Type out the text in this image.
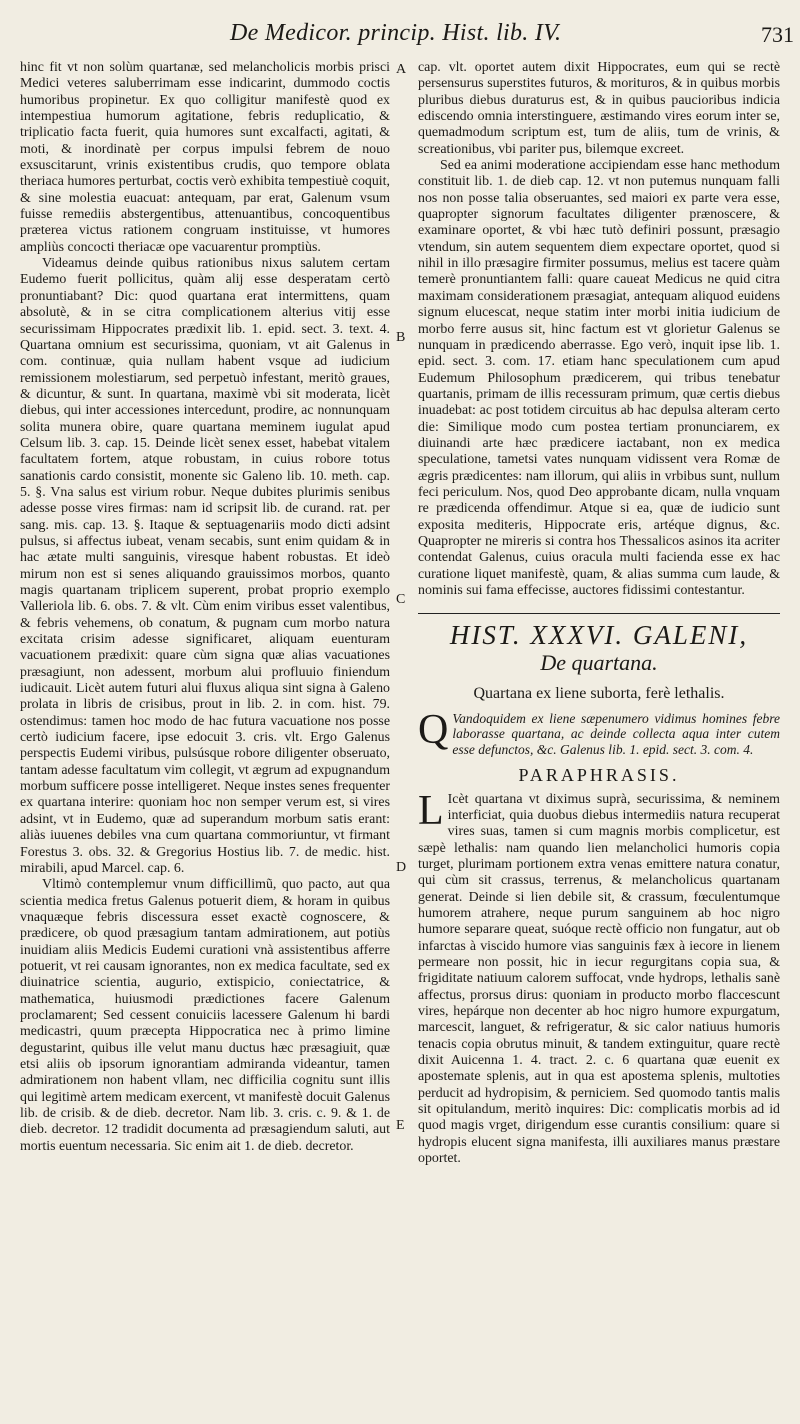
De Medicor. princip. Hist. lib. IV.	731
A
B
C
D
E

hinc fit vt non solùm quartanæ, sed melancholicis morbis prisci Medici veteres saluberrimam esse indicarint, dummodo coctis humoribus propinetur. Ex quo colligitur manifestè quod ex intempestiua humorum agitatione, febris reduplicatio, & triplicatio facta fuerit, quia humores sunt excalfacti, agitati, & moti, & inordinatè per corpus impulsi febrem de nouo exsuscitarunt, vrinis existentibus crudis, quo tempore oblata theriaca humores perturbat, coctis verò exhibita tempestiuè coquit, & sine molestia euacuat: antequam, par erat, Galenum vsum fuisse remediis abstergentibus, attenuantibus, concoquentibus præterea victus rationem congruam instituisse, vt humores ampliùs concocti theriacæ ope vacuarentur promptiùs.

Videamus deinde quibus rationibus nixus salutem certam Eudemo fuerit pollicitus, quàm alij esse desperatam certò pronuntiabant? Dic: quod quartana erat intermittens, quam absolutè, & in se citra complicationem alterius vitij esse securissimam Hippocrates prædixit lib. 1. epid. sect. 3. text. 4. Quartana omnium est securissima, quoniam, vt ait Galenus in com. continuæ, quia nullam habent vsque ad iudicium remissionem molestiarum, sed perpetuò infestant, meritò graues, & dicuntur, & sunt. In quartana, maximè vbi sit moderata, licèt diebus, qui inter accessiones intercedunt, prodire, ac nonnunquam solita munera obire, quare quartana meminem iugulat apud Celsum lib. 3. cap. 15. Deinde licèt senex esset, habebat vitalem facultatem fortem, atque robustam, in cuius robore totus sanationis cardo consistit, monente sic Galeno lib. 10. meth. cap. 5. §. Vna salus est virium robur. Neque dubites plurimis senibus adesse posse vires firmas: nam id scripsit lib. de curand. rat. per sang. mis. cap. 13. §. Itaque & septuagenariis modo dicti adsint pulsus, si affectus iubeat, venam secabis, sunt enim quidam & in hac ætate multi sanguinis, viresque habent robustas. Et ideò mirum non est si senes aliquando grauissimos morbos, quanto magis quartanam triplicem superent, probat proprio exemplo Valleriola lib. 6. obs. 7. & vlt. Cùm enim viribus esset valentibus, & febris vehemens, ob conatum, & pugnam cum morbo natura excitata crisim adesse significaret, aliquam euenturam vacuationem prædixit: quare cùm signa quæ alias vacuationes præsagiunt, non adessent, morbum alui profluuio finiendum iudicauit. Licèt autem futuri alui fluxus aliqua sint signa à Galeno prolata in libris de crisibus, prout in lib. 2. in com. hist. 79. ostendimus: tamen hoc modo de hac futura vacuatione nos posse certò iudicium facere, ipse edocuit 3. cris. vlt. Ergo Galenus perspectis Eudemi viribus, pulsúsque robore diligenter obseruato, tantam adesse facultatum vim collegit, vt ægrum ad expugnandum morbum sufficere posse intelligeret. Neque instes senes frequenter ex quartana interire: quoniam hoc non semper verum est, si vires adsint, vt in Eudemo, quæ ad superandum morbum satis erant: aliàs iuuenes debiles vna cum quartana commoriuntur, vt firmant Forestus 3. obs. 32. & Gregorius Hostius lib. 7. de medic. hist. mirabili, apud Marcel. cap. 6.

Vltimò contemplemur vnum difficillimũ, quo pacto, aut qua scientia medica fretus Galenus potuerit diem, & horam in quibus vnaquæque febris discessura esset exactè cognoscere, & prædicere, ob quod præsagium tantam admirationem, aut potiùs inuidiam aliis Medicis Eudemi curationi vnà assistentibus afferre potuerit, vt rei causam ignorantes, non ex medica facultate, sed ex diuinatrice scientia, augurio, extispicio, coniectatrice, & mathematica, huiusmodi prædictiones facere Galenum proclamarent; Sed cessent conuiciis lacessere Galenum hi bardi medicastri, quum præcepta Hippocratica nec à primo limine degustarint, quibus ille velut manu ductus hæc præsagiuit, quæ etsi aliis ob ipsorum ignorantiam admiranda videantur, tamen admirationem non habent vllam, nec difficilia cognitu sunt illis qui legitimè artem medicam exercent, vt manifestè docuit Galenus lib. de crisib. & de dieb. decretor. Nam lib. 3. cris. c. 9. & 1. de dieb. decretor. 12 tradidit documenta ad præsagiendum saluti, aut mortis euentum necessaria. Sic enim ait 1. de dieb. decretor.

cap. vlt. oportet autem dixit Hippocrates, eum qui se rectè persensurus superstites futuros, & morituros, & in quibus morbis pluribus diebus duraturus est, & in quibus paucioribus indicia ediscendo omnia interstinguere, æstimando vires eorum inter se, quemadmodum scriptum est, tum de aliis, tum de vrinis, & screationibus, vbi pariter pus, bilemque excreet.

Sed ea animi moderatione accipiendam esse hanc methodum constituit lib. 1. de dieb cap. 12. vt non putemus nunquam falli nos non posse talia obseruantes, sed maiori ex parte vera esse, quapropter signorum facultates diligenter prænoscere, & examinare oportet, & vbi hæc tutò definiri possunt, præsagio vtendum, sin autem sequentem diem expectare oportet, quod si nihil in illo præsagire firmiter possumus, melius est tacere quàm temerè pronuntiantem falli: quare caueat Medicus ne quid citra maximam considerationem præsagiat, antequam aliquod euidens signum elucescat, neque statim inter morbi initia iudicium de morbo ferre ausus sit, hinc factum est vt glorietur Galenus se nunquam in prædicendo aberrasse. Ego verò, inquit ipse lib. 1. epid. sect. 3. com. 17. etiam hanc speculationem cum apud Eudemum Philosophum prædicerem, qui tribus tenebatur quartanis, primam de illis recessuram primum, quæ certis diebus inuadebat: ac post totidem circuitus ab hac depulsa alteram certo die: Similique modo cum postea tertiam pronunciarem, ex diuinandi arte hæc prædicere iactabant, non ex medica speculatione, tametsi vates nunquam vidissent vera Romæ de ægris prædicentes: nam illorum, qui aliis in vrbibus sunt, nullum feci periculum. Nos, quod Deo approbante dicam, nulla vnquam re prædicenda offendimur. Atque si ea, quæ de iudicio sunt exposita mediteris, Hippocrate eris, artéque dignus, &c. Quapropter ne mireris si contra hos Thessalicos asinos ita acriter contendat Galenus, cuius oracula multi facienda esse ex hac curatione liquet manifestè, quam, & alias summa cum laude, & nominis sui fama effecisse, auctores fidissimi contestantur.

HIST. XXXVI. GALENI,
De quartana.
Quartana ex liene suborta, ferè lethalis.

Q Vandoquidem ex liene sæpenumero vidimus homines febre laborasse quartana, ac deinde collecta aqua inter cutem esse defunctos, &c. Galenus lib. 1. epid. sect. 3. com. 4.

PARAPHRASIS.

L Icèt quartana vt diximus suprà, securissima, & neminem interficiat, quia duobus diebus intermediis natura recuperat vires suas, tamen si cum magnis morbis complicetur, est sæpè lethalis: nam quando lien melancholici humoris copia turget, plurimam portionem extra venas emittere natura conatur, qui cùm sit crassus, terrenus, & melancholicus quartanam generat. Deinde si lien debile sit, & crassum, fœculentumque humorem atrahere, neque purum sanguinem ab hoc nigro humore separare queat, suóque rectè officio non fungatur, aut ob infarctas à viscido humore vias sanguinis fæx à iecore in lienem permeare non possit, hic in iecur regurgitans copia sua, & frigiditate natiuum calorem suffocat, vnde hydrops, lethalis sanè affectus, prorsus dirus: quoniam in producto morbo flaccescunt vires, hepárque non decenter ab hoc nigro humore expurgatum, marcescit, languet, & refrigeratur, & sic calor natiuus humoris tenacis copia obrutus minuit, & tandem extinguitur, quare rectè dixit Auicenna 1. 4. tract. 2. c. 6 quartana quæ euenit ex apostemate splenis, aut in qua est apostema splenis, multoties perducit ad hydropisim, & perniciem. Sed quomodo tantis malis sit opitulandum, meritò inquires: Dic: complicatis morbis ad id quod magis vrget, dirigendum esse curantis consilium: quare si hydropis elucent signa manifesta, illi auxiliares manus præstare oportet.
